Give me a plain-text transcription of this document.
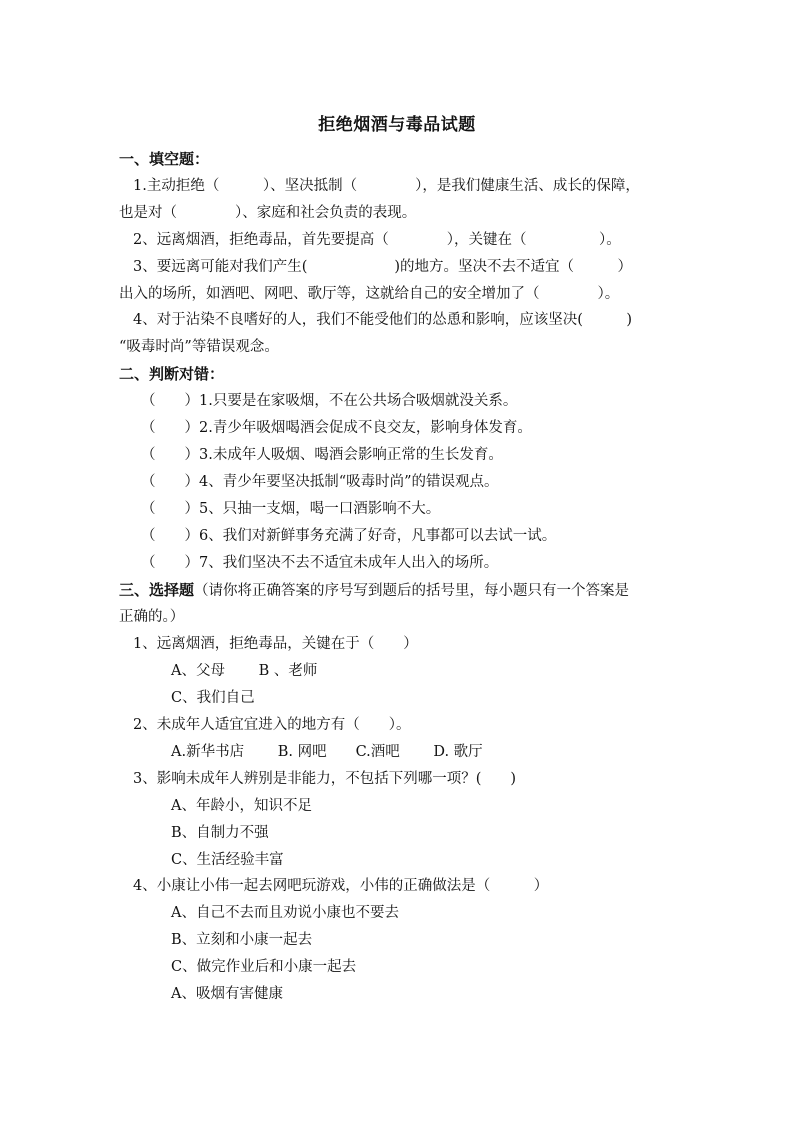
拒绝烟酒与毒品试题
一、填空题：
1.主动拒绝（　　　）、坚决抵制（　　　　），是我们健康生活、成长的保障，
也是对（　　　　）、家庭和社会负责的表现。
2、远离烟酒，拒绝毒品，首先要提高（　　　　），关键在（　　　　　）。
3、要远离可能对我们产生(　　　　　　)的地方。坚决不去不适宜（　　　）
出入的场所，如酒吧、网吧、歌厅等，这就给自己的安全增加了（　　　　）。
4、对于沾染不良嗜好的人，我们不能受他们的怂恿和影响，应该坚决(　　　)
“吸毒时尚”等错误观念。
二、判断对错：
（　　）1.只要是在家吸烟，不在公共场合吸烟就没关系。
（　　）2.青少年吸烟喝酒会促成不良交友，影响身体发育。
（　　）3.未成年人吸烟、喝酒会影响正常的生长发育。
（　　）4、青少年要坚决抵制“吸毒时尚”的错误观点。
（　　）5、只抽一支烟，喝一口酒影响不大。
（　　）6、我们对新鲜事务充满了好奇，凡事都可以去试一试。
（　　）7、我们坚决不去不适宜未成年人出入的场所。
三、选择题（请你将正确答案的序号写到题后的括号里，每小题只有一个答案是
正确的。）
1、远离烟酒，拒绝毒品，关键在于（　　）
A、父母　　 B 、老师
C、我们自己
2、未成年人适宜宜进入的地方有（　　）。
A.新华书店　　 B. 网吧　　C.酒吧　　 D. 歌厅
3、影响未成年人辨别是非能力，不包括下列哪一项？(　　)
A、年龄小，知识不足
B、自制力不强
C、生活经验丰富
4、小康让小伟一起去网吧玩游戏，小伟的正确做法是（　　　）
A、自己不去而且劝说小康也不要去
B、立刻和小康一起去
C、做完作业后和小康一起去
A、吸烟有害健康
